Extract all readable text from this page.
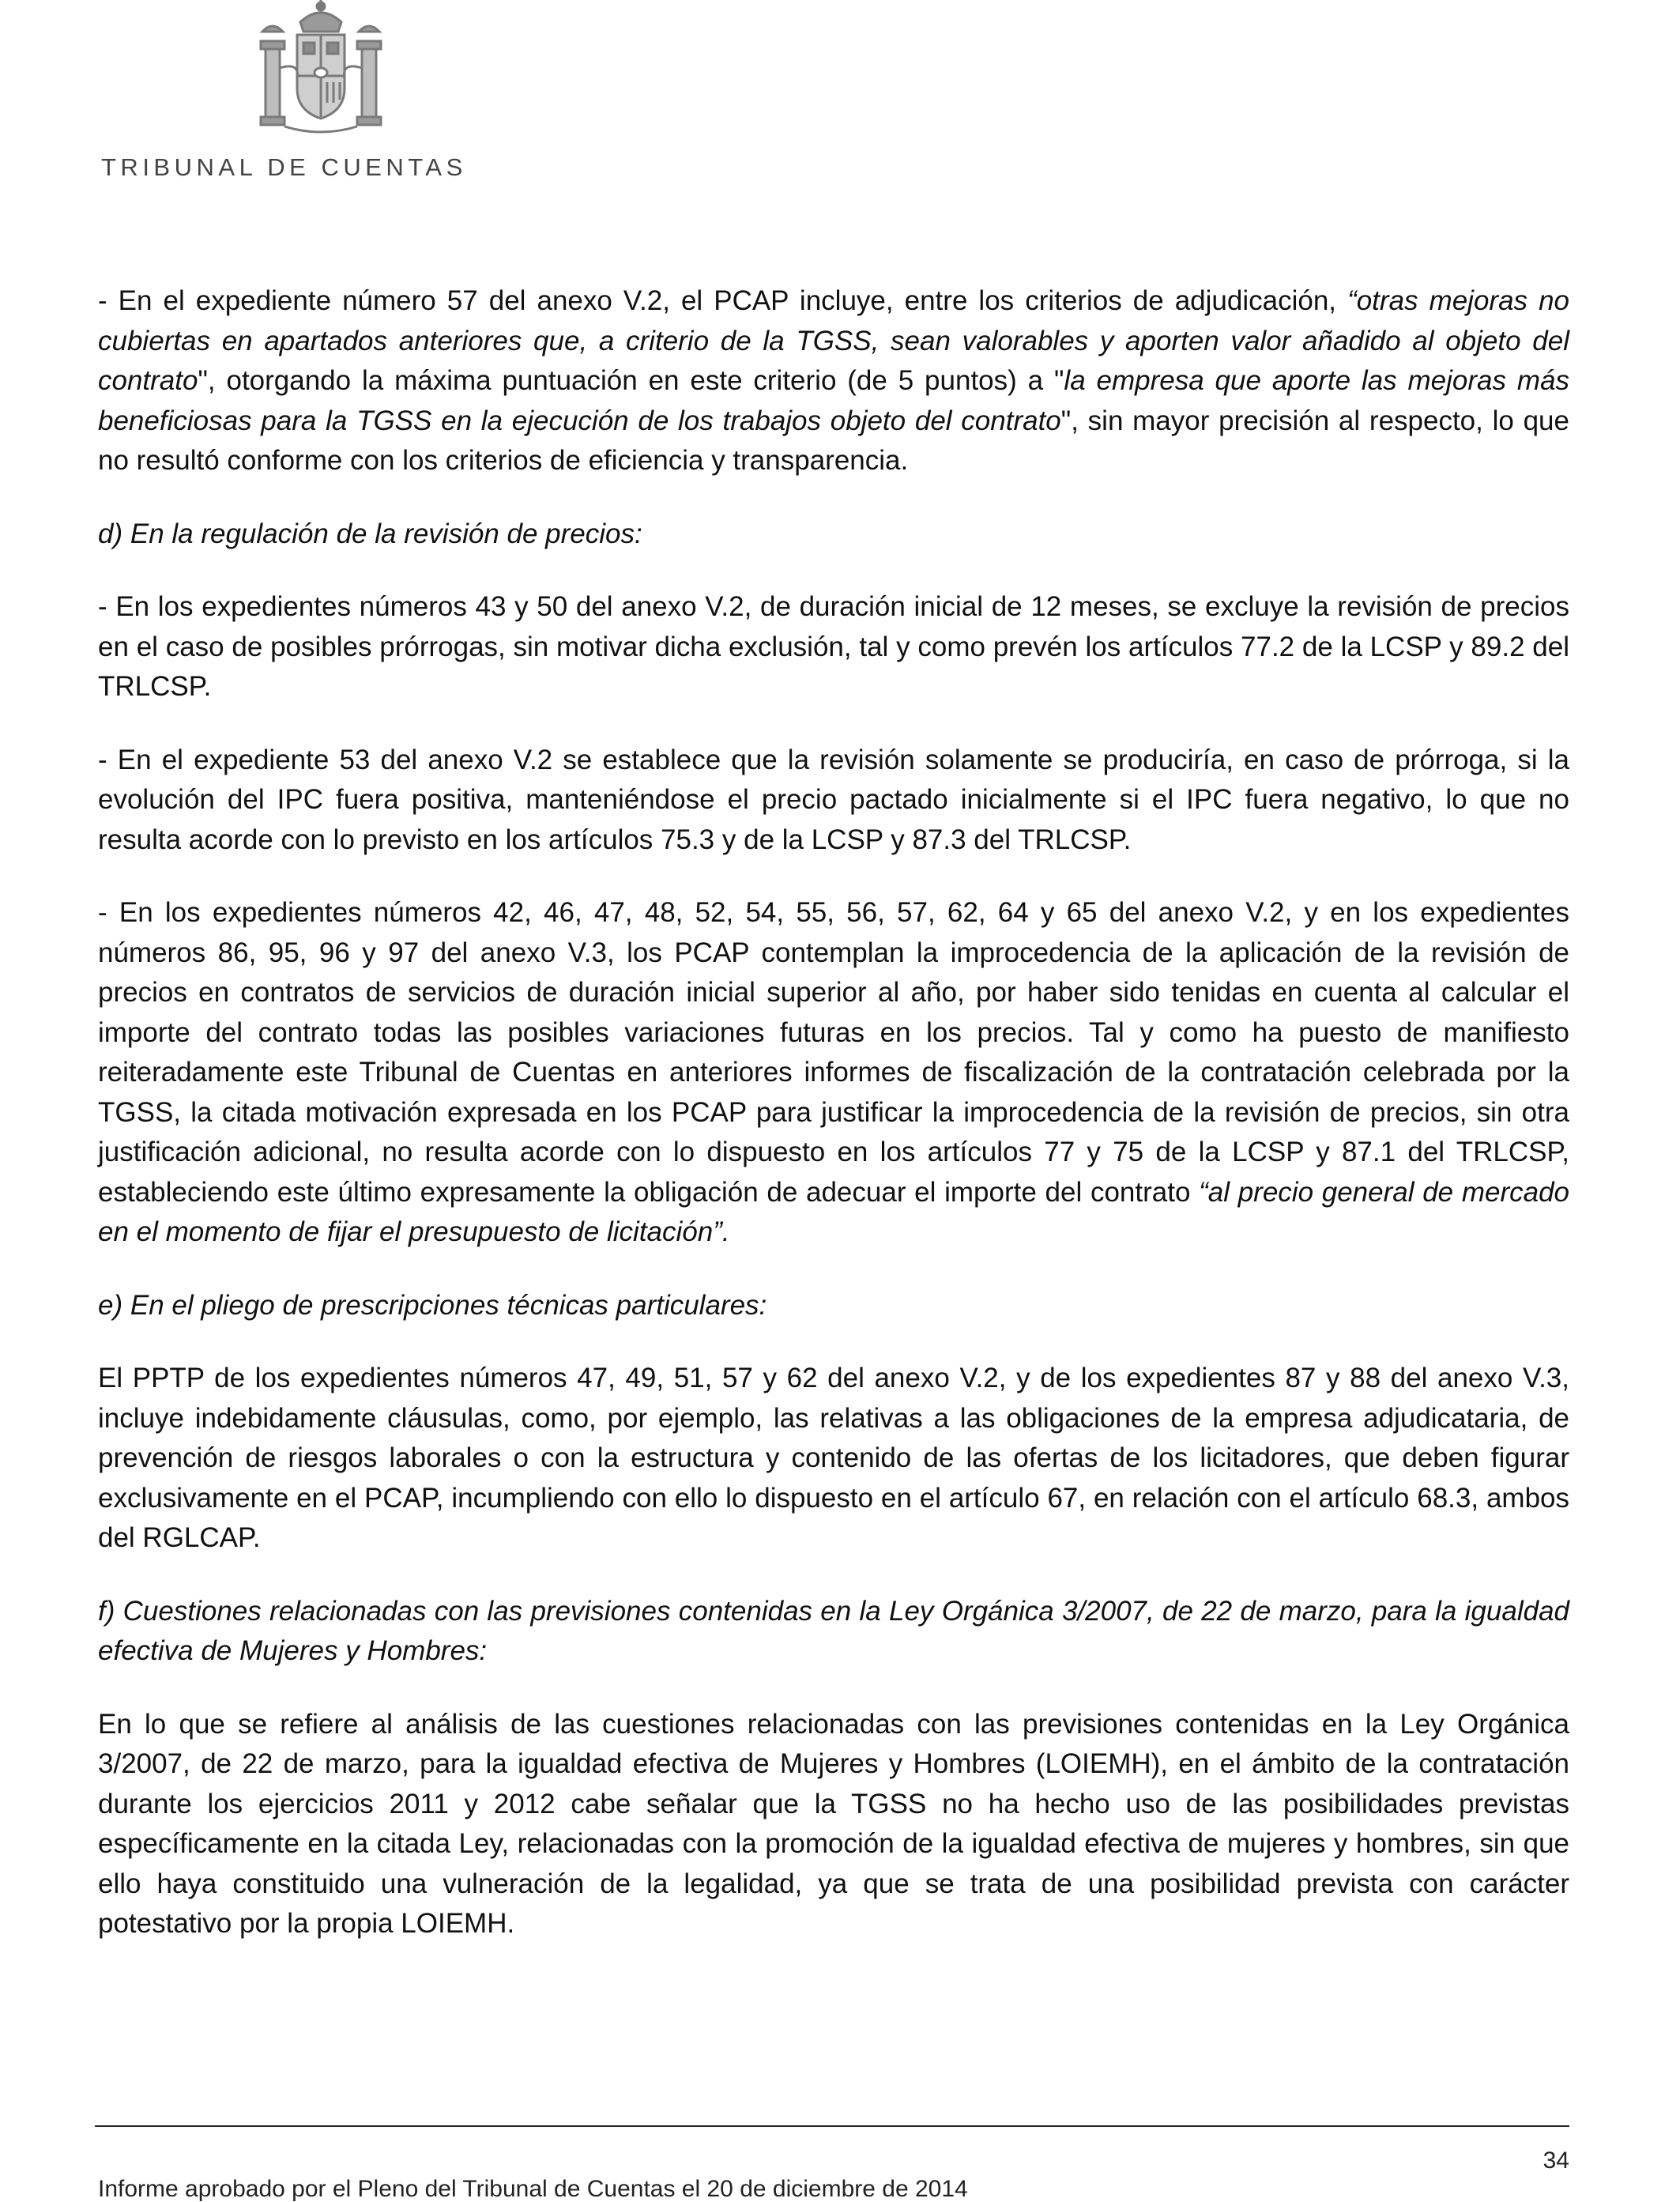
TRIBUNAL DE CUENTAS

- En el expediente número 57 del anexo V.2, el PCAP incluye, entre los criterios de adjudicación, “otras mejoras no cubiertas en apartados anteriores que, a criterio de la TGSS, sean valorables y aporten valor añadido al objeto del contrato", otorgando la máxima puntuación en este criterio (de 5 puntos) a "la empresa que aporte las mejoras más beneficiosas para la TGSS en la ejecución de los trabajos objeto del contrato", sin mayor precisión al respecto, lo que no resultó conforme con los criterios de eficiencia y transparencia.

d) En la regulación de la revisión de precios:

- En los expedientes números 43 y 50 del anexo V.2, de duración inicial de 12 meses, se excluye la revisión de precios en el caso de posibles prórrogas, sin motivar dicha exclusión, tal y como prevén los artículos 77.2 de la LCSP y 89.2 del TRLCSP.

- En el expediente 53 del anexo V.2 se establece que la revisión solamente se produciría, en caso de prórroga, si la evolución del IPC fuera positiva, manteniéndose el precio pactado inicialmente si el IPC fuera negativo, lo que no resulta acorde con lo previsto en los artículos 75.3 y de la LCSP y 87.3 del TRLCSP.

- En los expedientes números 42, 46, 47, 48, 52, 54, 55, 56, 57, 62, 64 y 65 del anexo V.2, y en los expedientes números 86, 95, 96 y 97 del anexo V.3, los PCAP contemplan la improcedencia de la aplicación de la revisión de precios en contratos de servicios de duración inicial superior al año, por haber sido tenidas en cuenta al calcular el importe del contrato todas las posibles variaciones futuras en los precios. Tal y como ha puesto de manifiesto reiteradamente este Tribunal de Cuentas en anteriores informes de fiscalización de la contratación celebrada por la TGSS, la citada motivación expresada en los PCAP para justificar la improcedencia de la revisión de precios, sin otra justificación adicional, no resulta acorde con lo dispuesto en los artículos 77 y 75 de la LCSP y 87.1 del TRLCSP, estableciendo este último expresamente la obligación de adecuar el importe del contrato “al precio general de mercado en el momento de fijar el presupuesto de licitación”.

e) En el pliego de prescripciones técnicas particulares:

El PPTP de los expedientes números 47, 49, 51, 57 y 62 del anexo V.2, y de los expedientes 87 y 88 del anexo V.3, incluye indebidamente cláusulas, como, por ejemplo, las relativas a las obligaciones de la empresa adjudicataria, de prevención de riesgos laborales o con la estructura y contenido de las ofertas de los licitadores, que deben figurar exclusivamente en el PCAP, incumpliendo con ello lo dispuesto en el artículo 67, en relación con el artículo 68.3, ambos del RGLCAP.

f) Cuestiones relacionadas con las previsiones contenidas en la Ley Orgánica 3/2007, de 22 de marzo, para la igualdad efectiva de Mujeres y Hombres:

En lo que se refiere al análisis de las cuestiones relacionadas con las previsiones contenidas en la Ley Orgánica 3/2007, de 22 de marzo, para la igualdad efectiva de Mujeres y Hombres (LOIEMH), en el ámbito de la contratación durante los ejercicios 2011 y 2012 cabe señalar que la TGSS no ha hecho uso de las posibilidades previstas específicamente en la citada Ley, relacionadas con la promoción de la igualdad efectiva de mujeres y hombres, sin que ello haya constituido una vulneración de la legalidad, ya que se trata de una posibilidad prevista con carácter potestativo por la propia LOIEMH.

34
Informe aprobado por el Pleno del Tribunal de Cuentas el 20 de diciembre de 2014
